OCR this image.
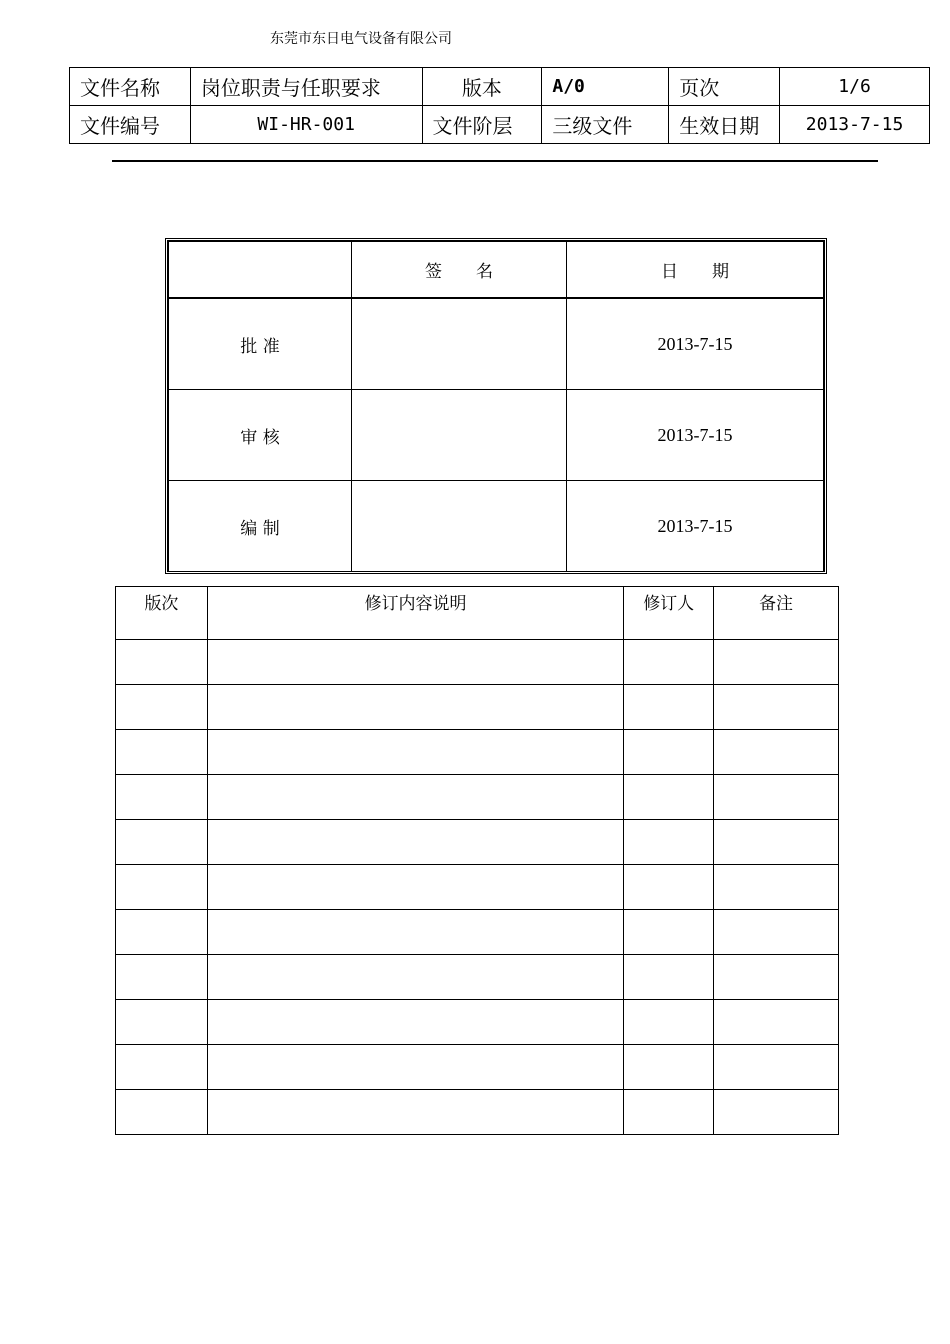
东莞市东日电气设备有限公司
文件名称	岗位职责与任职要求	版本	A/0	页次	1/6
文件编号	WI-HR-001	文件阶层	三级文件	生效日期	2013-7-15
	签　　名	日　　期
批 准		2013-7-15
审 核		2013-7-15
编 制		2013-7-15
版次	修订内容说明	修订人	备注
